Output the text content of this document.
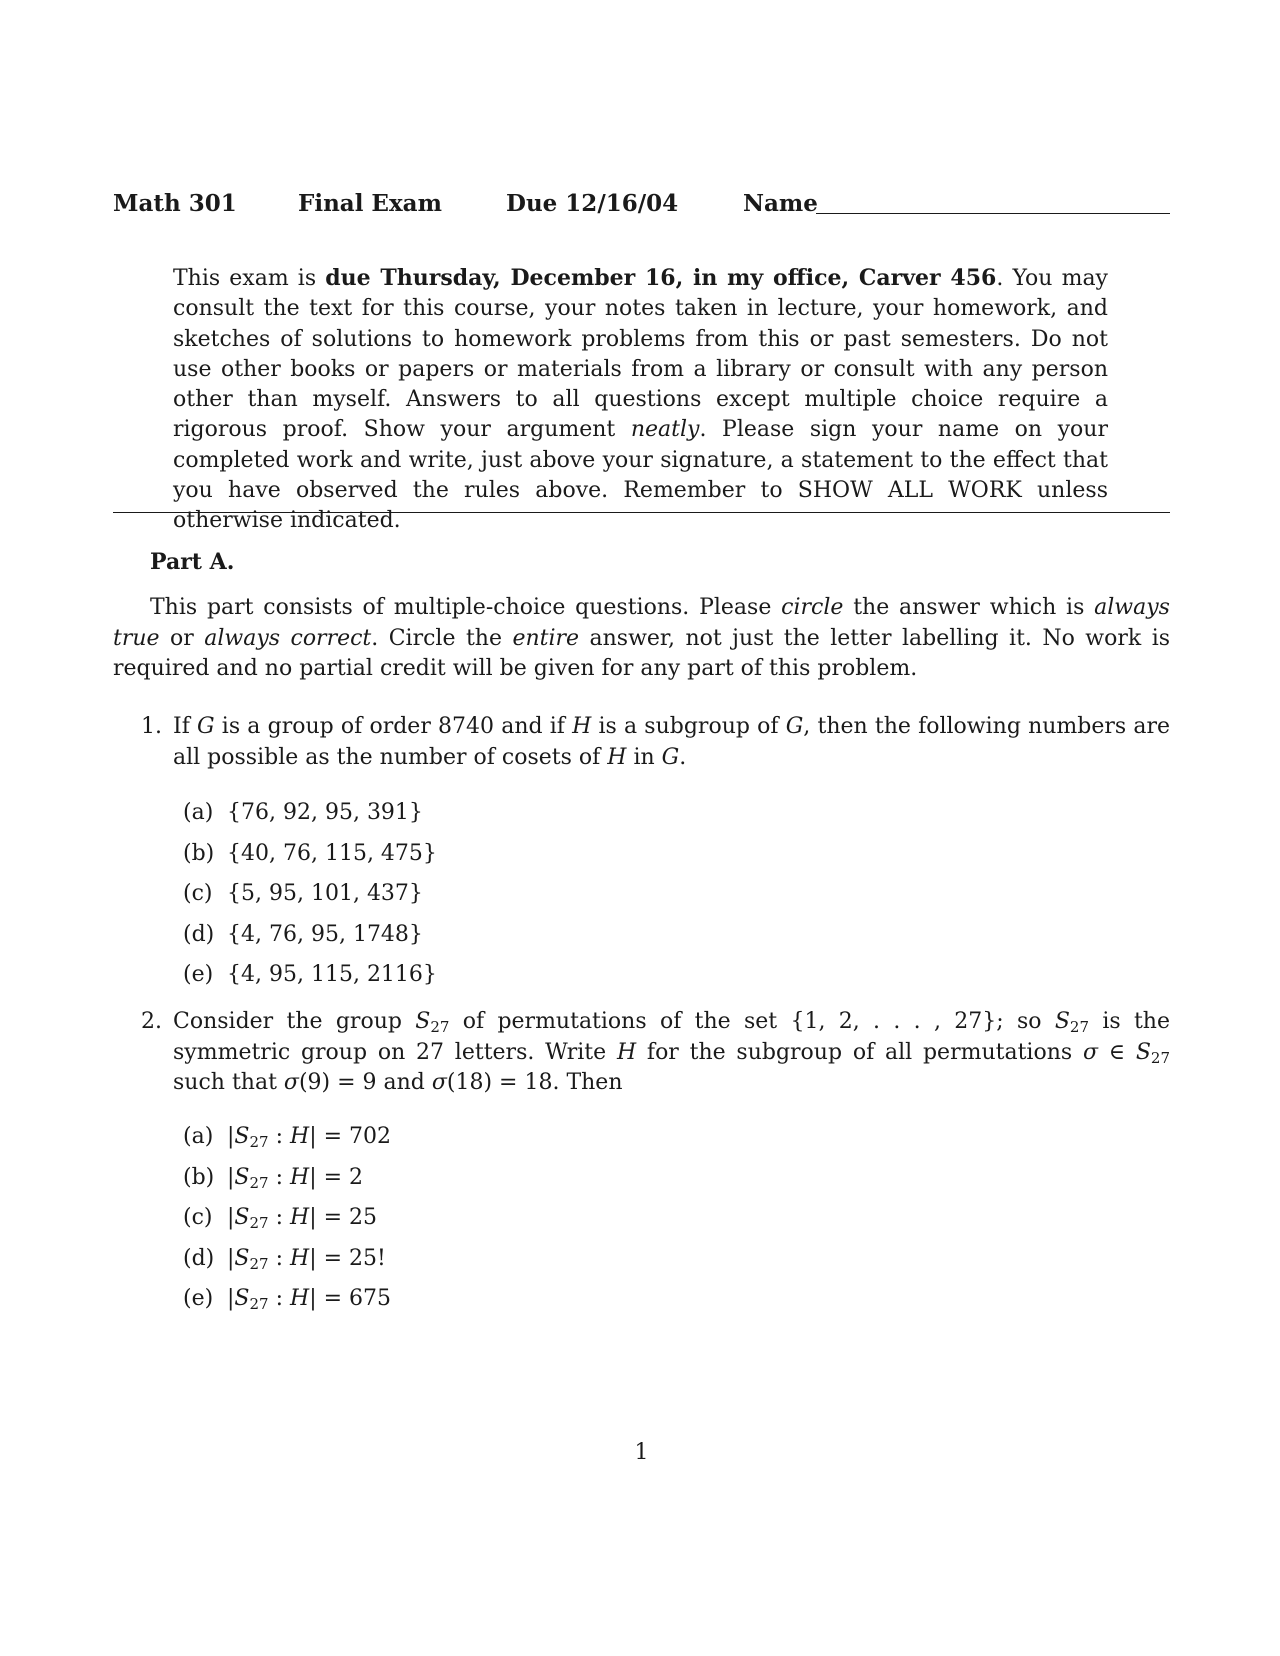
Math 301	Final Exam	Due 12/16/04	Name
This exam is due Thursday, December 16, in my office, Carver 456. You may consult the text for this course, your notes taken in lecture, your homework, and sketches of solutions to homework problems from this or past semesters. Do not use other books or papers or materials from a library or consult with any person other than myself. Answers to all questions except multiple choice require a rigorous proof. Show your argument neatly. Please sign your name on your completed work and write, just above your signature, a statement to the effect that you have observed the rules above. Remember to SHOW ALL WORK unless otherwise indicated.
Part A.
This part consists of multiple-choice questions. Please circle the answer which is always true or always correct. Circle the entire answer, not just the letter labelling it. No work is required and no partial credit will be given for any part of this problem.
1. If G is a group of order 8740 and if H is a subgroup of G, then the following numbers are all possible as the number of cosets of H in G.
(a) {76, 92, 95, 391}
(b) {40, 76, 115, 475}
(c) {5, 95, 101, 437}
(d) {4, 76, 95, 1748}
(e) {4, 95, 115, 2116}
2. Consider the group $S_{27}$ of permutations of the set {1, 2, . . . , 27}; so $S_{27}$ is the symmetric group on 27 letters. Write H for the subgroup of all permutations σ ∈ $S_{27}$ such that σ(9) = 9 and σ(18) = 18. Then
(a) $|S_{27}$ : H| = 702
(b) $|S_{27}$ : H| = 2
(c) $|S_{27}$ : H| = 25
(d) $|S_{27}$ : H| = 25!
(e) $|S_{27}$ : H| = 675
1
